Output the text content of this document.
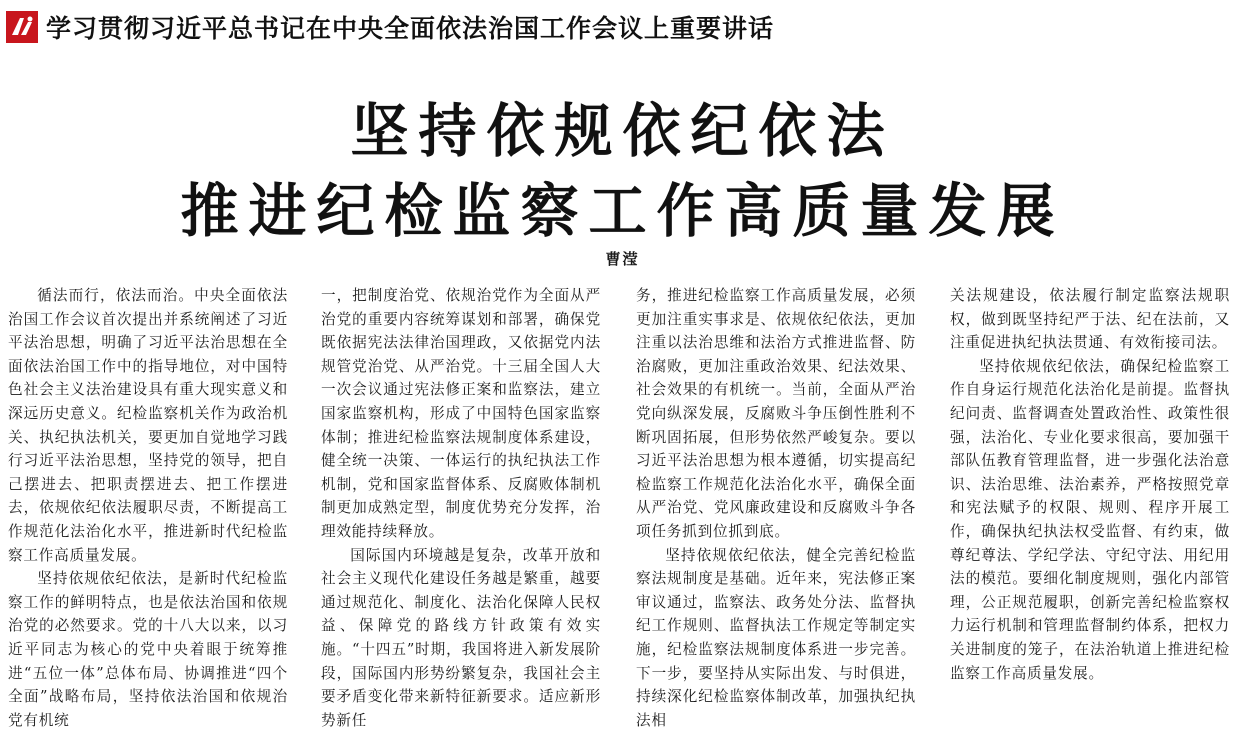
学习贯彻习近平总书记在中央全面依法治国工作会议上重要讲话
坚持依规依纪依法
推进纪检监察工作高质量发展
曹滢

循法而行，依法而治。中央全面依法治国工作会议首次提出并系统阐述了习近平法治思想，明确了习近平法治思想在全面依法治国工作中的指导地位，对中国特色社会主义法治建设具有重大现实意义和深远历史意义。纪检监察机关作为政治机关、执纪执法机关，要更加自觉地学习践行习近平法治思想，坚持党的领导，把自己摆进去、把职责摆进去、把工作摆进去，依规依纪依法履职尽责，不断提高工作规范化法治化水平，推进新时代纪检监察工作高质量发展。

坚持依规依纪依法，是新时代纪检监察工作的鲜明特点，也是依法治国和依规治党的必然要求。党的十八大以来，以习近平同志为核心的党中央着眼于统筹推进“五位一体”总体布局、协调推进“四个全面”战略布局，坚持依法治国和依规治党有机统

一，把制度治党、依规治党作为全面从严治党的重要内容统筹谋划和部署，确保党既依据宪法法律治国理政，又依据党内法规管党治党、从严治党。十三届全国人大一次会议通过宪法修正案和监察法，建立国家监察机构，形成了中国特色国家监察体制；推进纪检监察法规制度体系建设，健全统一决策、一体运行的执纪执法工作机制，党和国家监督体系、反腐败体制机制更加成熟定型，制度优势充分发挥，治理效能持续释放。

国际国内环境越是复杂，改革开放和社会主义现代化建设任务越是繁重，越要通过规范化、制度化、法治化保障人民权益、保障党的路线方针政策有效实施。“十四五”时期，我国将进入新发展阶段，国际国内形势纷繁复杂，我国社会主要矛盾变化带来新特征新要求。适应新形势新任

务，推进纪检监察工作高质量发展，必须更加注重实事求是、依规依纪依法，更加注重以法治思维和法治方式推进监督、防治腐败，更加注重政治效果、纪法效果、社会效果的有机统一。当前，全面从严治党向纵深发展，反腐败斗争压倒性胜利不断巩固拓展，但形势依然严峻复杂。要以习近平法治思想为根本遵循，切实提高纪检监察工作规范化法治化水平，确保全面从严治党、党风廉政建设和反腐败斗争各项任务抓到位抓到底。

坚持依规依纪依法，健全完善纪检监察法规制度是基础。近年来，宪法修正案审议通过，监察法、政务处分法、监督执纪工作规则、监督执法工作规定等制定实施，纪检监察法规制度体系进一步完善。下一步，要坚持从实际出发、与时俱进，持续深化纪检监察体制改革，加强执纪执法相

关法规建设，依法履行制定监察法规职权，做到既坚持纪严于法、纪在法前，又注重促进执纪执法贯通、有效衔接司法。

坚持依规依纪依法，确保纪检监察工作自身运行规范化法治化是前提。监督执纪问责、监督调查处置政治性、政策性很强，法治化、专业化要求很高，要加强干部队伍教育管理监督，进一步强化法治意识、法治思维、法治素养，严格按照党章和宪法赋予的权限、规则、程序开展工作，确保执纪执法权受监督、有约束，做尊纪尊法、学纪学法、守纪守法、用纪用法的模范。要细化制度规则，强化内部管理，公正规范履职，创新完善纪检监察权力运行机制和管理监督制约体系，把权力关进制度的笼子，在法治轨道上推进纪检监察工作高质量发展。
